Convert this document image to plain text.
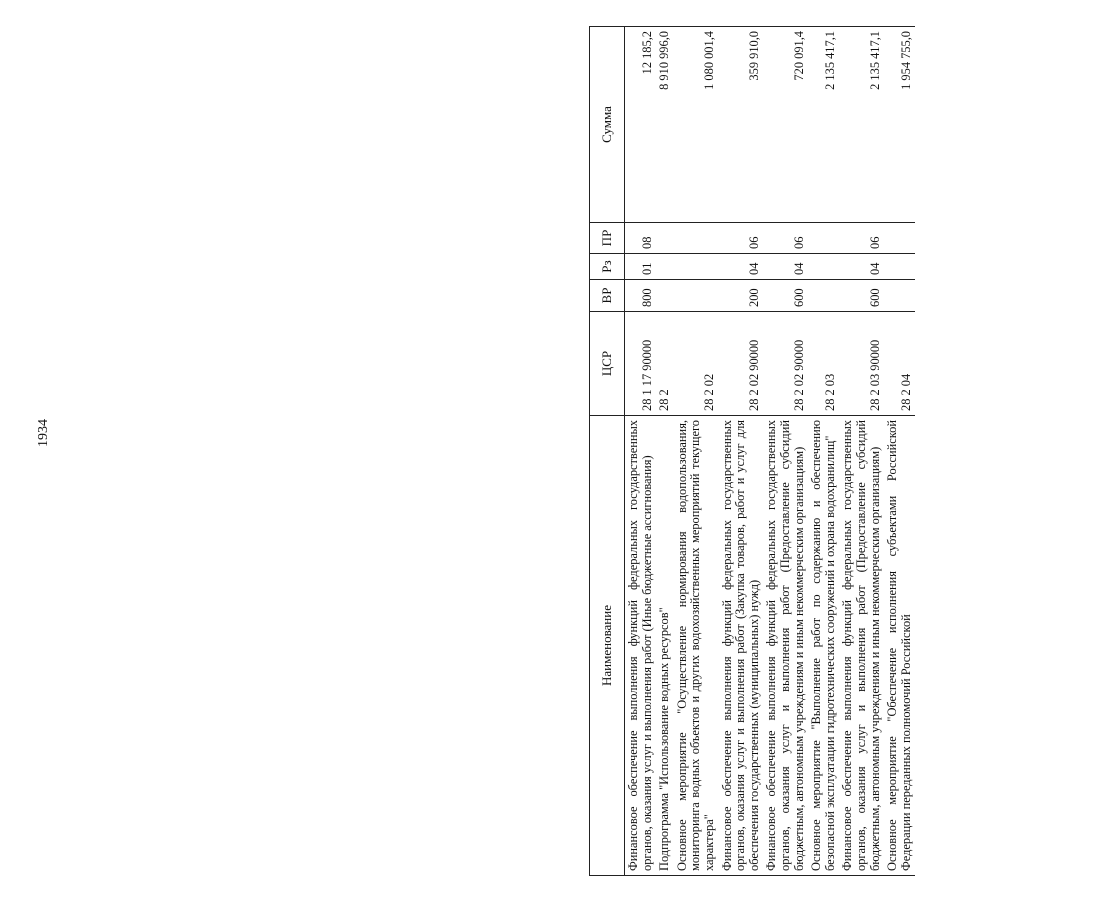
1934
Наименование	ЦСР	ВР	Рз	ПР	Сумма
Финансовое обеспечение выполнения функций федеральных государственных органов, оказания услуг и выполнения работ (Иные бюджетные ассигнования)	28 1 17 90000	800	01	08	12 185,2
Подпрограмма "Использование водных ресурсов"	28 2				8 910 996,0
Основное мероприятие "Осуществление нормирования водопользования, мониторинга водных объектов и других водохозяйственных мероприятий текущего характера"	28 2 02				1 080 001,4
Финансовое обеспечение выполнения функций федеральных государственных органов, оказания услуг и выполнения работ (Закупка товаров, работ и услуг для обеспечения государственных (муниципальных) нужд)	28 2 02 90000	200	04	06	359 910,0
Финансовое обеспечение выполнения функций федеральных государственных органов, оказания услуг и выполнения работ (Предоставление субсидий бюджетным, автономным учреждениям и иным некоммерческим организациям)	28 2 02 90000	600	04	06	720 091,4
Основное мероприятие "Выполнение работ по содержанию и обеспечению безопасной эксплуатации гидротехнических сооружений и охрана водохранилищ"	28 2 03				2 135 417,1
Финансовое обеспечение выполнения функций федеральных государственных органов, оказания услуг и выполнения работ (Предоставление субсидий бюджетным, автономным учреждениям и иным некоммерческим организациям)	28 2 03 90000	600	04	06	2 135 417,1
Основное мероприятие "Обеспечение исполнения субъектами Российской Федерации переданных полномочий Российской	28 2 04				1 954 755,0
